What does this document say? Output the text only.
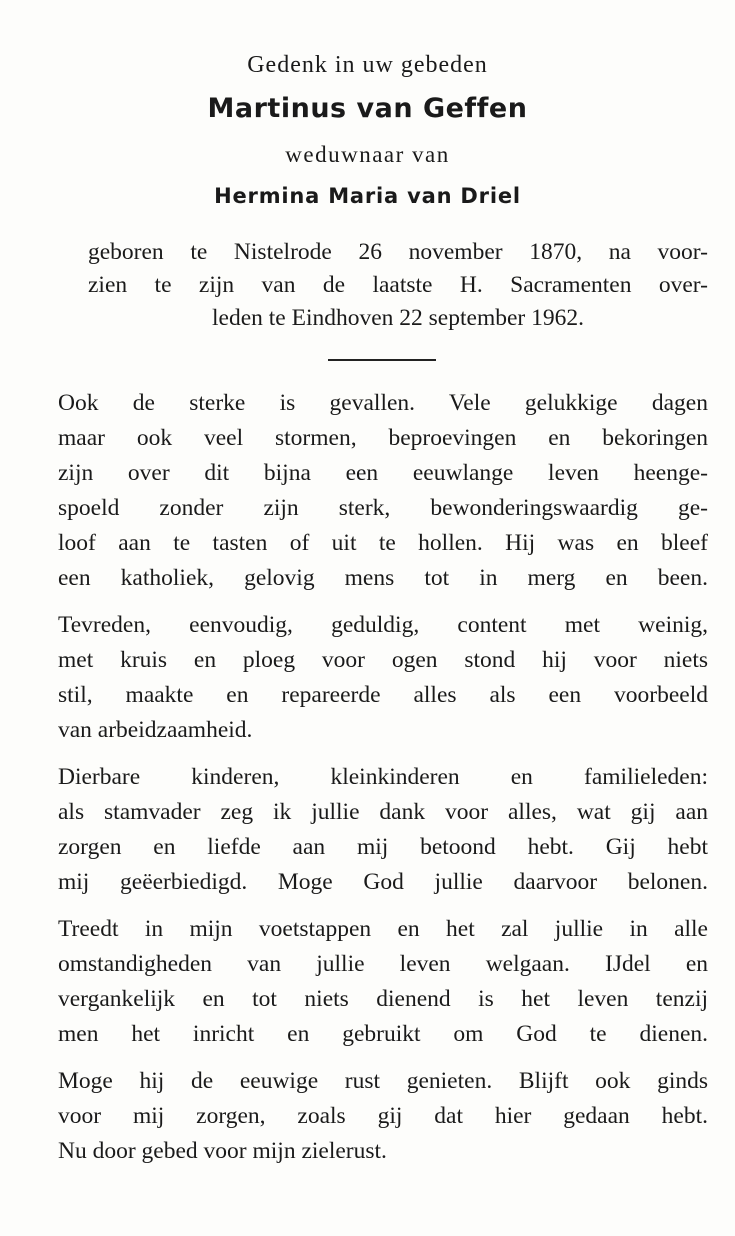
Gedenk in uw gebeden
Martinus van Geffen
weduwnaar van
Hermina Maria van Driel
geboren te Nistelrode 26 november 1870, na voor-
zien te zijn van de laatste H. Sacramenten over-
leden te Eindhoven 22 september 1962.
Ook de sterke is gevallen. Vele gelukkige dagen
maar ook veel stormen, beproevingen en bekoringen
zijn over dit bijna een eeuwlange leven heenge-
spoeld zonder zijn sterk, bewonderingswaardig ge-
loof aan te tasten of uit te hollen. Hij was en bleef
een katholiek, gelovig mens tot in merg en been.
Tevreden, eenvoudig, geduldig, content met weinig,
met kruis en ploeg voor ogen stond hij voor niets
stil, maakte en repareerde alles als een voorbeeld
van arbeidzaamheid.
Dierbare kinderen, kleinkinderen en familieleden:
als stamvader zeg ik jullie dank voor alles, wat gij aan
zorgen en liefde aan mij betoond hebt. Gij hebt
mij geëerbiedigd. Moge God jullie daarvoor belonen.
Treedt in mijn voetstappen en het zal jullie in alle
omstandigheden van jullie leven welgaan. IJdel en
vergankelijk en tot niets dienend is het leven tenzij
men het inricht en gebruikt om God te dienen.
Moge hij de eeuwige rust genieten. Blijft ook ginds
voor mij zorgen, zoals gij dat hier gedaan hebt.
Nu door gebed voor mijn zielerust.
